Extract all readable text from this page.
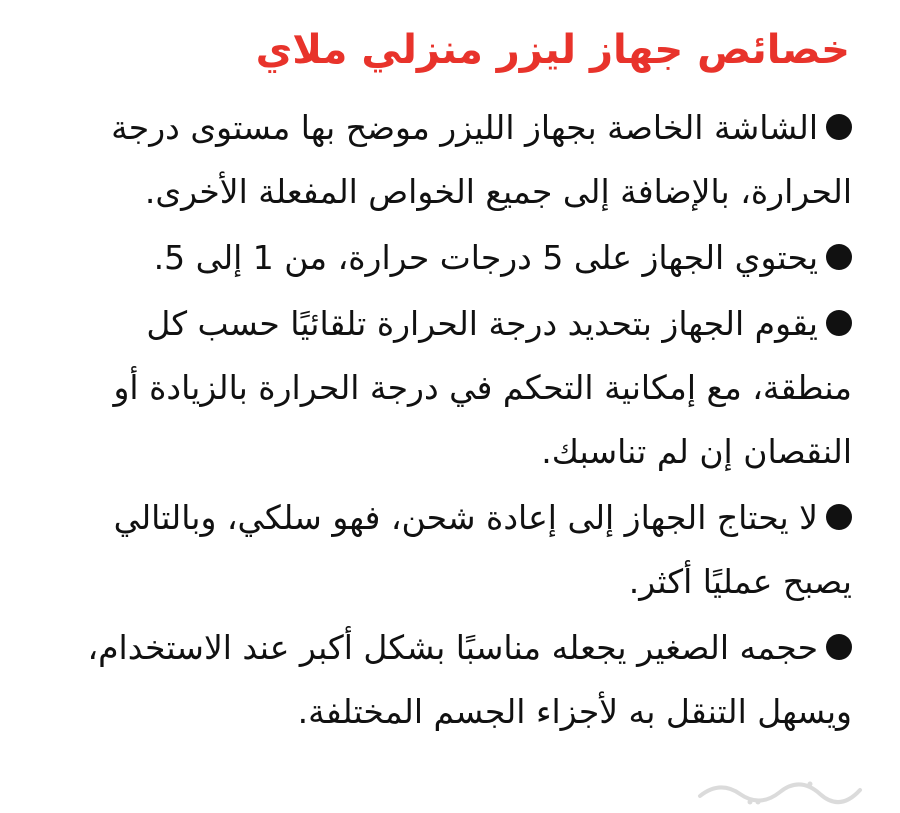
خصائص جهاز ليزر منزلي ملاي
الشاشة الخاصة بجهاز الليزر موضح بها مستوى درجة الحرارة، بالإضافة إلى جميع الخواص المفعلة الأخرى.
يحتوي الجهاز على 5 درجات حرارة، من 1 إلى 5.
يقوم الجهاز بتحديد درجة الحرارة تلقائيًا حسب كل منطقة، مع إمكانية التحكم في درجة الحرارة بالزيادة أو النقصان إن لم تناسبك.
لا يحتاج الجهاز إلى إعادة شحن، فهو سلكي، وبالتالي يصبح عمليًا أكثر.
حجمه الصغير يجعله مناسبًا بشكل أكبر عند الاستخدام، ويسهل التنقل به لأجزاء الجسم المختلفة.
